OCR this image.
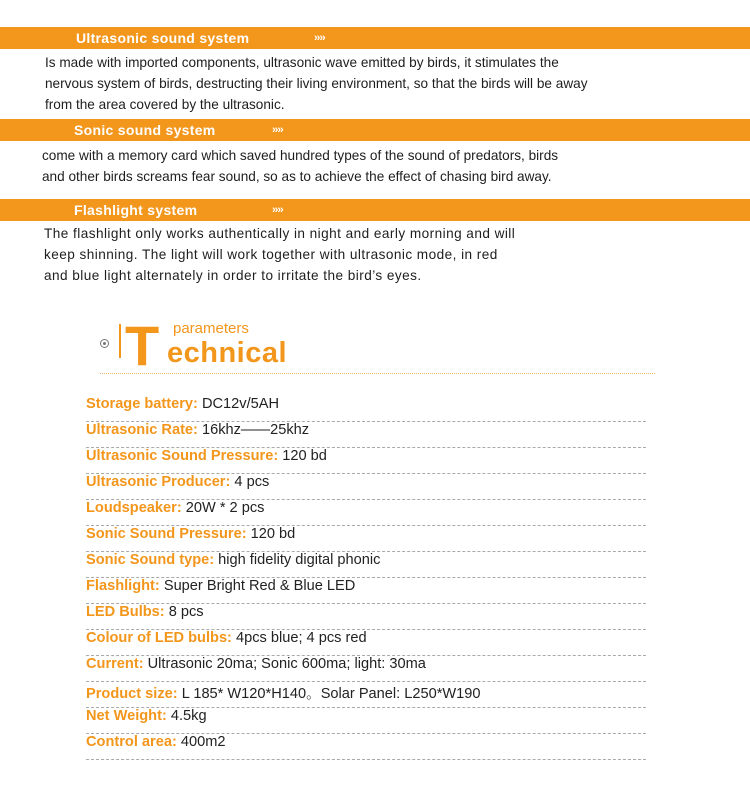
Ultrasonic sound system	››››
Is made with imported components, ultrasonic wave emitted by birds, it stimulates the
nervous system of birds, destructing their living environment, so that the birds will be away
from the area covered by the ultrasonic.
Sonic sound system	››››
come with a memory card which saved hundred types of the sound of predators, birds
and other birds screams fear sound, so as to achieve the effect of chasing bird away.
Flashlight system	››››
The flashlight only works authentically in night and early morning and will
keep shinning. The light will work together with ultrasonic mode, in red
and blue light alternately in order to irritate the bird’s eyes.
T parameters
echnical
Storage battery: DC12v/5AH
Ultrasonic Rate: 16khz——25khz
Ultrasonic Sound Pressure: 120 bd
Ultrasonic Producer: 4 pcs
Loudspeaker: 20W * 2 pcs
Sonic Sound Pressure: 120 bd
Sonic Sound type: high fidelity digital phonic
Flashlight: Super Bright Red & Blue LED
LED Bulbs: 8 pcs
Colour of LED bulbs: 4pcs blue; 4 pcs red
Current: Ultrasonic 20ma; Sonic 600ma; light: 30ma
Product size: L 185* W120*H140。Solar Panel: L250*W190
Net Weight: 4.5kg
Control area: 400m2
